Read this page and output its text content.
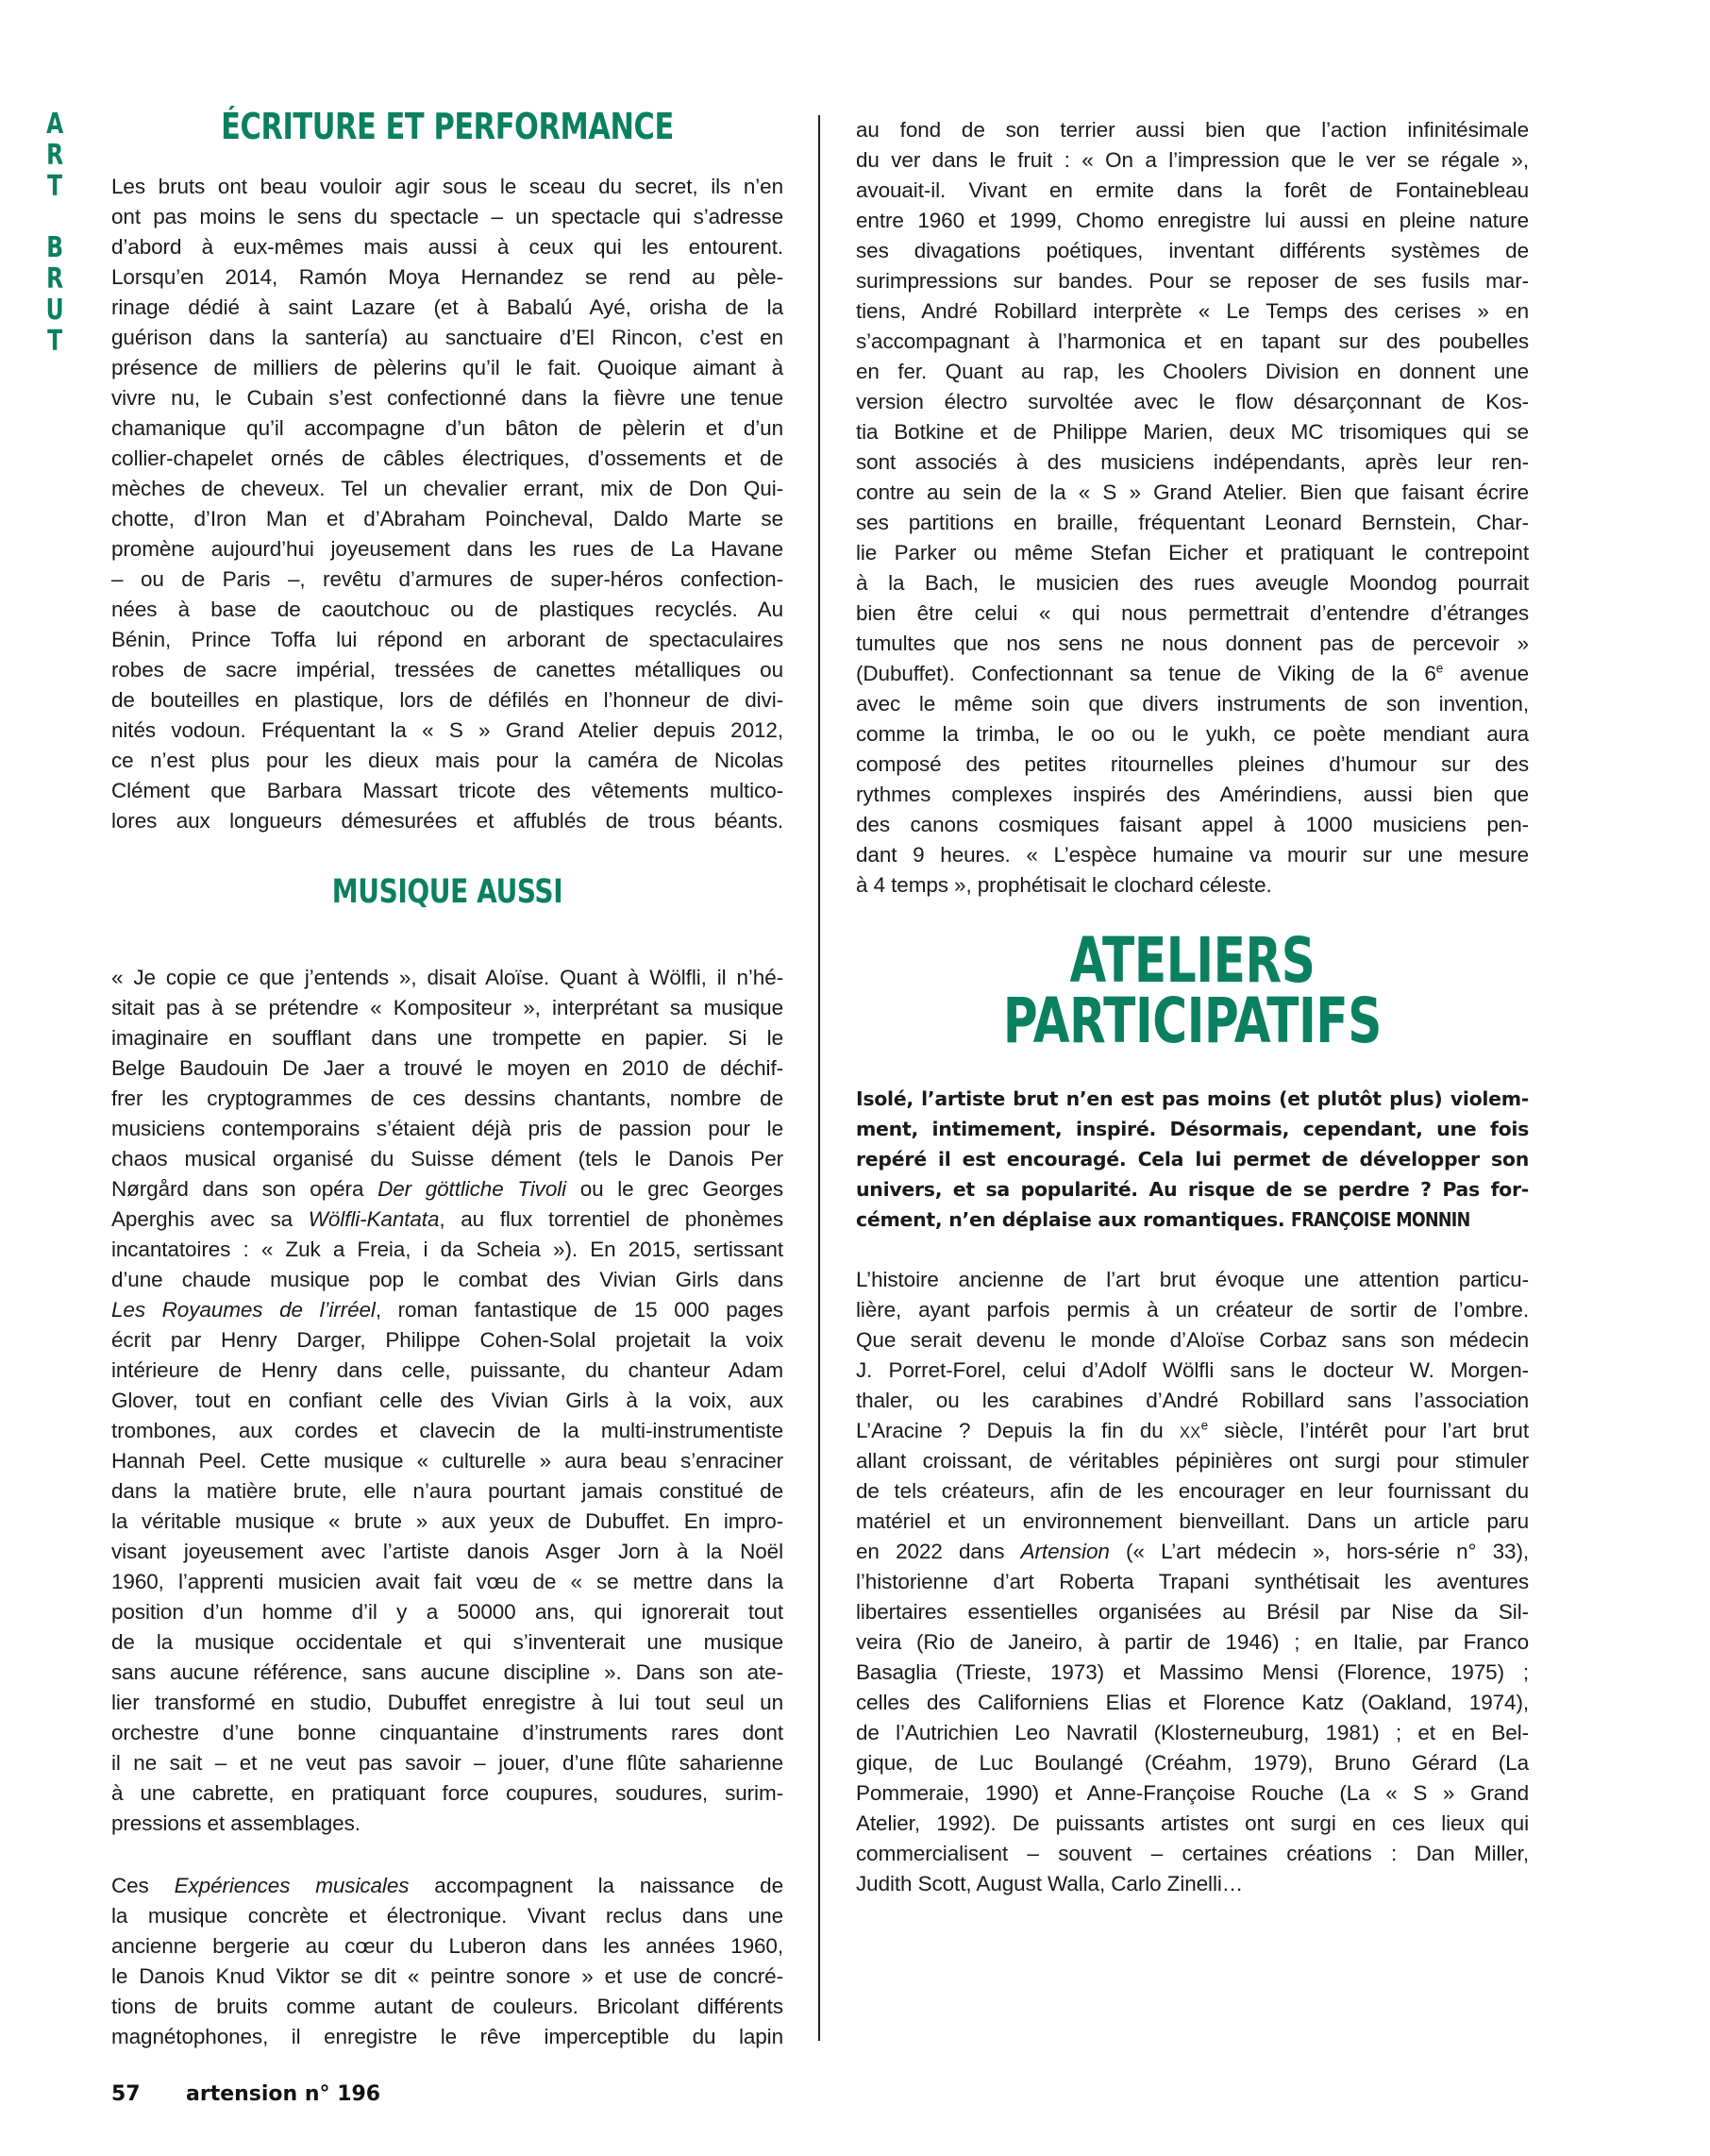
A
R
T
B
R
U
T
ÉCRITURE ET PERFORMANCE
Les bruts ont beau vouloir agir sous le sceau du secret, ils n’en
ont pas moins le sens du spectacle – un spectacle qui s’adresse
d’abord à eux-mêmes mais aussi à ceux qui les entourent.
Lorsqu’en 2014, Ramón Moya Hernandez se rend au pèle-
rinage dédié à saint Lazare (et à Babalú Ayé, orisha de la
guérison dans la santería) au sanctuaire d’El Rincon, c’est en
présence de milliers de pèlerins qu’il le fait. Quoique aimant à
vivre nu, le Cubain s’est confectionné dans la fièvre une tenue
chamanique qu’il accompagne d’un bâton de pèlerin et d’un
collier-chapelet ornés de câbles électriques, d’ossements et de
mèches de cheveux. Tel un chevalier errant, mix de Don Qui-
chotte, d’Iron Man et d’Abraham Poincheval, Daldo Marte se
promène aujourd’hui joyeusement dans les rues de La Havane
– ou de Paris –, revêtu d’armures de super-héros confection-
nées à base de caoutchouc ou de plastiques recyclés. Au
Bénin, Prince Toffa lui répond en arborant de spectaculaires
robes de sacre impérial, tressées de canettes métalliques ou
de bouteilles en plastique, lors de défilés en l’honneur de divi-
nités vodoun. Fréquentant la « S » Grand Atelier depuis 2012,
ce n’est plus pour les dieux mais pour la caméra de Nicolas
Clément que Barbara Massart tricote des vêtements multico-
lores aux longueurs démesurées et affublés de trous béants.
MUSIQUE AUSSI
« Je copie ce que j’entends », disait Aloïse. Quant à Wölfli, il n’hé-
sitait pas à se prétendre « Kompositeur », interprétant sa musique
imaginaire en soufflant dans une trompette en papier. Si le
Belge Baudouin De Jaer a trouvé le moyen en 2010 de déchif-
frer les cryptogrammes de ces dessins chantants, nombre de
musiciens contemporains s’étaient déjà pris de passion pour le
chaos musical organisé du Suisse dément (tels le Danois Per
Nørgård dans son opéra Der göttliche Tivoli ou le grec Georges
Aperghis avec sa Wölfli-Kantata, au flux torrentiel de phonèmes
incantatoires : « Zuk a Freia, i da Scheia »). En 2015, sertissant
d’une chaude musique pop le combat des Vivian Girls dans
Les Royaumes de l’irréel, roman fantastique de 15 000 pages
écrit par Henry Darger, Philippe Cohen-Solal projetait la voix
intérieure de Henry dans celle, puissante, du chanteur Adam
Glover, tout en confiant celle des Vivian Girls à la voix, aux
trombones, aux cordes et clavecin de la multi-instrumentiste
Hannah Peel. Cette musique « culturelle » aura beau s’enraciner
dans la matière brute, elle n’aura pourtant jamais constitué de
la véritable musique « brute » aux yeux de Dubuffet. En impro-
visant joyeusement avec l’artiste danois Asger Jorn à la Noël
1960, l’apprenti musicien avait fait vœu de « se mettre dans la
position d’un homme d’il y a 50000 ans, qui ignorerait tout
de la musique occidentale et qui s’inventerait une musique
sans aucune référence, sans aucune discipline ». Dans son ate-
lier transformé en studio, Dubuffet enregistre à lui tout seul un
orchestre d’une bonne cinquantaine d’instruments rares dont
il ne sait – et ne veut pas savoir – jouer, d’une flûte saharienne
à une cabrette, en pratiquant force coupures, soudures, surim-
pressions et assemblages.
Ces Expériences musicales accompagnent la naissance de
la musique concrète et électronique. Vivant reclus dans une
ancienne bergerie au cœur du Luberon dans les années 1960,
le Danois Knud Viktor se dit « peintre sonore » et use de concré-
tions de bruits comme autant de couleurs. Bricolant différents
magnétophones, il enregistre le rêve imperceptible du lapin
au fond de son terrier aussi bien que l’action infinitésimale
du ver dans le fruit : « On a l’impression que le ver se régale »,
avouait-il. Vivant en ermite dans la forêt de Fontainebleau
entre 1960 et 1999, Chomo enregistre lui aussi en pleine nature
ses divagations poétiques, inventant différents systèmes de
surimpressions sur bandes. Pour se reposer de ses fusils mar-
tiens, André Robillard interprète « Le Temps des cerises » en
s’accompagnant à l’harmonica et en tapant sur des poubelles
en fer. Quant au rap, les Choolers Division en donnent une
version électro survoltée avec le flow désarçonnant de Kos-
tia Botkine et de Philippe Marien, deux MC trisomiques qui se
sont associés à des musiciens indépendants, après leur ren-
contre au sein de la « S » Grand Atelier. Bien que faisant écrire
ses partitions en braille, fréquentant Leonard Bernstein, Char-
lie Parker ou même Stefan Eicher et pratiquant le contrepoint
à la Bach, le musicien des rues aveugle Moondog pourrait
bien être celui « qui nous permettrait d’entendre d’étranges
tumultes que nos sens ne nous donnent pas de percevoir »
(Dubuffet). Confectionnant sa tenue de Viking de la 6e avenue
avec le même soin que divers instruments de son invention,
comme la trimba, le oo ou le yukh, ce poète mendiant aura
composé des petites ritournelles pleines d’humour sur des
rythmes complexes inspirés des Amérindiens, aussi bien que
des canons cosmiques faisant appel à 1000 musiciens pen-
dant 9 heures. « L’espèce humaine va mourir sur une mesure
à 4 temps », prophétisait le clochard céleste.
ATELIERS
PARTICIPATIFS
Isolé, l’artiste brut n’en est pas moins (et plutôt plus) violem-
ment, intimement, inspiré. Désormais, cependant, une fois
repéré il est encouragé. Cela lui permet de développer son
univers, et sa popularité. Au risque de se perdre ? Pas for-
cément, n’en déplaise aux romantiques. FRANÇOISE MONNIN
L’histoire ancienne de l’art brut évoque une attention particu-
lière, ayant parfois permis à un créateur de sortir de l’ombre.
Que serait devenu le monde d’Aloïse Corbaz sans son médecin
J. Porret-Forel, celui d’Adolf Wölfli sans le docteur W. Morgen-
thaler, ou les carabines d’André Robillard sans l’association
L’Aracine ? Depuis la fin du XXe siècle, l’intérêt pour l’art brut
allant croissant, de véritables pépinières ont surgi pour stimuler
de tels créateurs, afin de les encourager en leur fournissant du
matériel et un environnement bienveillant. Dans un article paru
en 2022 dans Artension (« L’art médecin », hors-série n° 33),
l’historienne d’art Roberta Trapani synthétisait les aventures
libertaires essentielles organisées au Brésil par Nise da Sil-
veira (Rio de Janeiro, à partir de 1946) ; en Italie, par Franco
Basaglia (Trieste, 1973) et Massimo Mensi (Florence, 1975) ;
celles des Californiens Elias et Florence Katz (Oakland, 1974),
de l’Autrichien Leo Navratil (Klosterneuburg, 1981) ; et en Bel-
gique, de Luc Boulangé (Créahm, 1979), Bruno Gérard (La
Pommeraie, 1990) et Anne-Françoise Rouche (La « S » Grand
Atelier, 1992). De puissants artistes ont surgi en ces lieux qui
commercialisent – souvent – certaines créations : Dan Miller,
Judith Scott, August Walla, Carlo Zinelli…
57 artension n° 196
